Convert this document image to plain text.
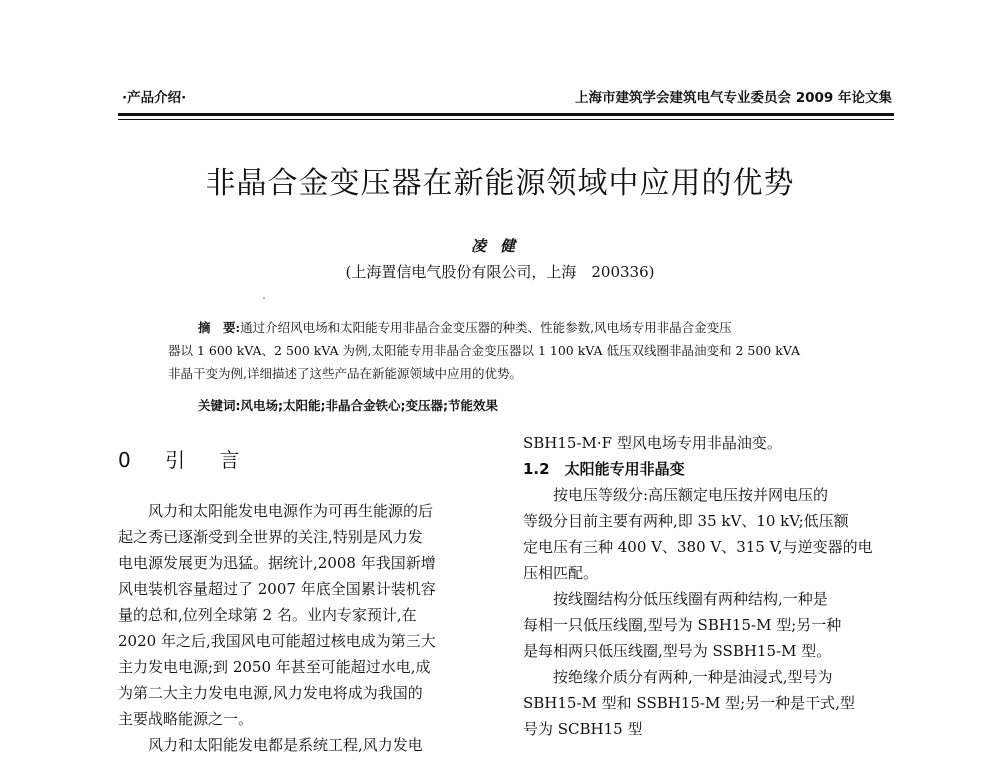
·产品介绍·	上海市建筑学会建筑电气专业委员会 2009 年论文集
非晶合金变压器在新能源领域中应用的优势
凌健
(上海置信电气股份有限公司，上海　200336)
摘　要:通过介绍风电场和太阳能专用非晶合金变压器的种类、性能参数,风电场专用非晶合金变压
器以 1 600 kVA、2 500 kVA 为例,太阳能专用非晶合金变压器以 1 100 kVA 低压双线圈非晶油变和 2 500 kVA
非晶干变为例,详细描述了这些产品在新能源领域中应用的优势。
关键词:风电场;太阳能;非晶合金铁心;变压器;节能效果
0 引 言
风力和太阳能发电电源作为可再生能源的后
起之秀已逐渐受到全世界的关注,特别是风力发
电电源发展更为迅猛。据统计,2008 年我国新增
风电装机容量超过了 2007 年底全国累计装机容
量的总和,位列全球第 2 名。业内专家预计,在
2020 年之后,我国风电可能超过核电成为第三大
主力发电电源;到 2050 年甚至可能超过水电,成
为第二大主力发电电源,风力发电将成为我国的
主要战略能源之一。
风力和太阳能发电都是系统工程,风力发电
SBH15-M·F 型风电场专用非晶油变。
1.2　太阳能专用非晶变
按电压等级分:高压额定电压按并网电压的
等级分目前主要有两种,即 35 kV、10 kV;低压额
定电压有三种 400 V、380 V、315 V,与逆变器的电
压相匹配。
按线圈结构分低压线圈有两种结构,一种是
每相一只低压线圈,型号为 SBH15-M 型;另一种
是每相两只低压线圈,型号为 SSBH15-M 型。
按绝缘介质分有两种,一种是油浸式,型号为
SBH15-M 型和 SSBH15-M 型;另一种是干式,型
号为 SCBH15 型
